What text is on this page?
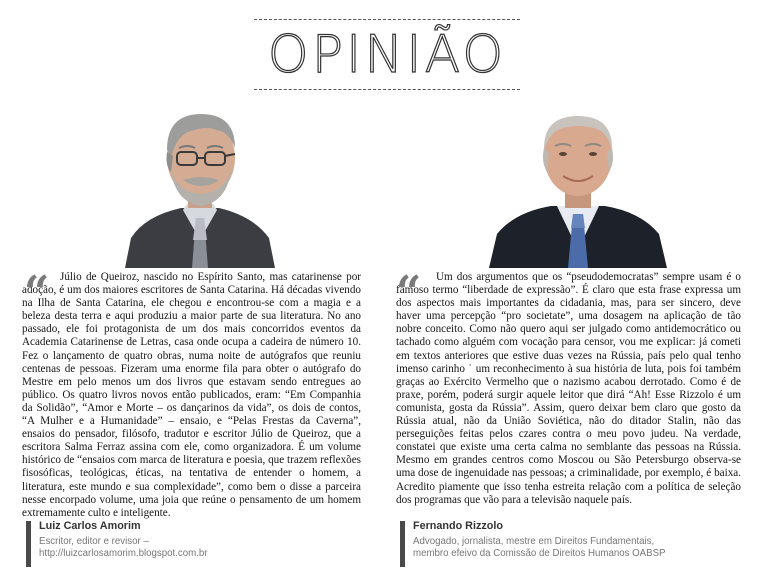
OPINIÃO
“ Júlio de Queiroz, nascido no Espírito Santo, mas catarinense por adoção, é um dos maiores escritores de Santa Catarina. Há décadas vivendo na Ilha de Santa Catarina, ele chegou e encontrou-se com a magia e a beleza desta terra e aqui produziu a maior parte de sua literatura. No ano passado, ele foi protagonista de um dos mais concorridos eventos da Academia Catarinense de Letras, casa onde ocupa a cadeira de número 10. Fez o lançamento de quatro obras, numa noite de autógrafos que reuniu centenas de pessoas. Fizeram uma enorme fila para obter o autógrafo do Mestre em pelo menos um dos livros que estavam sendo entregues ao público. Os quatro livros novos então publicados, eram: “Em Companhia da Solidão”, “Amor e Morte – os dançarinos da vida”, os dois de contos, “A Mulher e a Humanidade” – ensaio, e “Pelas Frestas da Caverna”, ensaios do pensador, filósofo, tradutor e escritor Júlio de Queiroz, que a escritora Salma Ferraz assina com ele, como organizadora. É um volume histórico de “ensaios com marca de literatura e poesia, que trazem reflexões fisosóficas, teológicas, éticas, na tentativa de entender o homem, a literatura, este mundo e sua complexidade”, como bem o disse a parceira nesse encorpado volume, uma joia que reúne o pensamento de um homem extremamente culto e inteligente.

“	Um dos argumentos que os “pseudodemocratas” sempre usam é o famoso termo “liberdade de expressão”. É claro que esta frase expressa um dos aspectos mais importantes da cidadania, mas, para ser sincero, deve haver uma percepção “pro societate”, uma dosagem na aplicação de tão nobre conceito. Como não quero aqui ser julgado como antidemocrático ou tachado como alguém com vocação para censor, vou me explicar: já cometi em textos anteriores que estive duas vezes na Rússia, país pelo qual tenho imenso carinho ˙ um reconhecimento à sua história de luta, pois foi também graças ao Exército Vermelho que o nazismo acabou derrotado. Como é de praxe, porém, poderá surgir aquele leitor que dirá “Ah! Esse Rizzolo é um comunista, gosta da Rússia”. Assim, quero deixar bem claro que gosto da Rússia atual, não da União Soviética, não do ditador Stalin, não das perseguições feitas pelos czares contra o meu povo judeu. Na verdade, constatei que existe uma certa calma no semblante das pessoas na Rússia. Mesmo em grandes centros como Moscou ou São Petersburgo observa-se uma dose de ingenuidade nas pessoas; a criminalidade, por exemplo, é baixa. Acredito piamente que isso tenha estreita relação com a política de seleção dos programas que vão para a televisão naquele país.

Luiz Carlos Amorim
Escritor, editor e revisor –
http://luizcarlosamorim.blogspot.com.br
Fernando Rizzolo
Advogado, jornalista, mestre em Direitos Fundamentais,
membro efeivo da Comissão de Direitos Humanos OABSP
